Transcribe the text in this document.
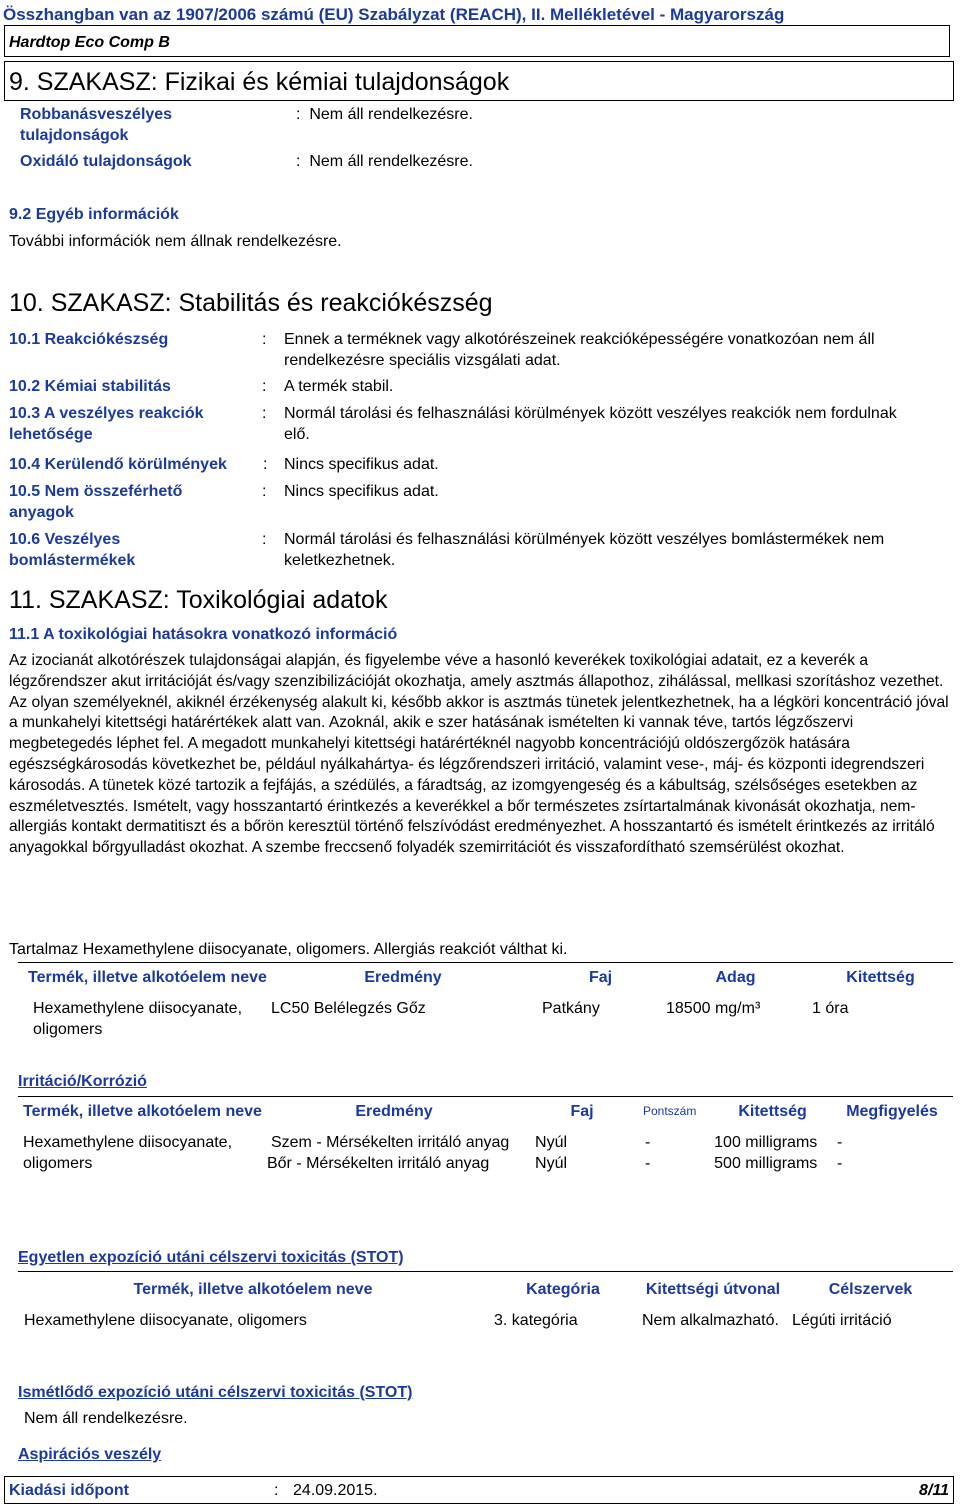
Összhangban van az 1907/2006 számú (EU) Szabályzat (REACH), II. Mellékletével - Magyarország
Hardtop Eco Comp B
9. SZAKASZ: Fizikai és kémiai tulajdonságok
Robbanásveszélyes tulajdonságok
:  Nem áll rendelkezésre.
Oxidáló tulajdonságok	:  Nem áll rendelkezésre.
9.2 Egyéb információk
További információk nem állnak rendelkezésre.
10. SZAKASZ: Stabilitás és reakciókészség
10.1 Reakciókészség	: Ennek a terméknek vagy alkotórészeinek reakcióképességére vonatkozóan nem áll rendelkezésre speciális vizsgálati adat.
10.2 Kémiai stabilitás	: A termék stabil.
10.3 A veszélyes reakciók lehetősége
: Normál tárolási és felhasználási körülmények között veszélyes reakciók nem fordulnak elő.
10.4 Kerülendő körülmények : Nincs specifikus adat.
10.5 Nem összeférhető anyagok
: Nincs specifikus adat.
10.6 Veszélyes bomlástermékek
: Normál tárolási és felhasználási körülmények között veszélyes bomlástermékek nem keletkezhetnek.
11. SZAKASZ: Toxikológiai adatok
11.1 A toxikológiai hatásokra vonatkozó információ
Az izocianát alkotórészek tulajdonságai alapján, és figyelembe véve a hasonló keverékek toxikológiai adatait, ez a keverék a légzőrendszer akut irritációját és/vagy szenzibilizációját okozhatja, amely asztmás állapothoz, zihálással, mellkasi szorításhoz vezethet. Az olyan személyeknél, akiknél érzékenység alakult ki, később akkor is asztmás tünetek jelentkezhetnek, ha a légköri koncentráció jóval a munkahelyi kitettségi határértékek alatt van. Azoknál, akik e szer hatásának ismételten ki vannak téve, tartós légzőszervi megbetegedés léphet fel. A megadott munkahelyi kitettségi határértéknél nagyobb koncentrációjú oldószergőzök hatására egészségkárosodás következhet be, például nyálkahártya- és légzőrendszeri irritáció, valamint vese-, máj- és központi idegrendszeri károsodás. A tünetek közé tartozik a fejfájás, a szédülés, a fáradtság, az izomgyengeség és a kábultság, szélsőséges esetekben az eszméletvesztés. Ismételt, vagy hosszantartó érintkezés a keverékkel a bőr természetes zsírtartalmának kivonását okozhatja, nem-allergiás kontakt dermatitiszt és a bőrön keresztül történő felszívódást eredményezhet. A hosszantartó és ismételt érintkezés az irritáló anyagokkal bőrgyulladást okozhat. A szembe freccsenő folyadék szemirritációt és visszafordítható szemsérülést okozhat.
Tartalmaz Hexamethylene diisocyanate, oligomers. Allergiás reakciót válthat ki.
Termék, illetve alkotóelem neve	Eredmény	Faj	Adag	Kitettség
Hexamethylene diisocyanate, oligomers	LC50 Belélegzés Gőz	Patkány	18500 mg/m³	1 óra
Irritáció/Korrózió
Termék, illetve alkotóelem neve	Eredmény	Faj	Pontszám	Kitettség	Megfigyelés
Hexamethylene diisocyanate, oligomers	Szem - Mérsékelten irritáló anyag	Nyúl	-	100 milligrams	-
	Bőr - Mérsékelten irritáló anyag	Nyúl	-	500 milligrams	-
Egyetlen expozíció utáni célszervi toxicitás (STOT)
Termék, illetve alkotóelem neve	Kategória	Kitettségi útvonal	Célszervek
Hexamethylene diisocyanate, oligomers	3. kategória	Nem alkalmazható.	Légúti irritáció
Ismétlődő expozíció utáni célszervi toxicitás (STOT)
Nem áll rendelkezésre.
Aspirációs veszély
Kiadási időpont	: 24.09.2015.	8/11
